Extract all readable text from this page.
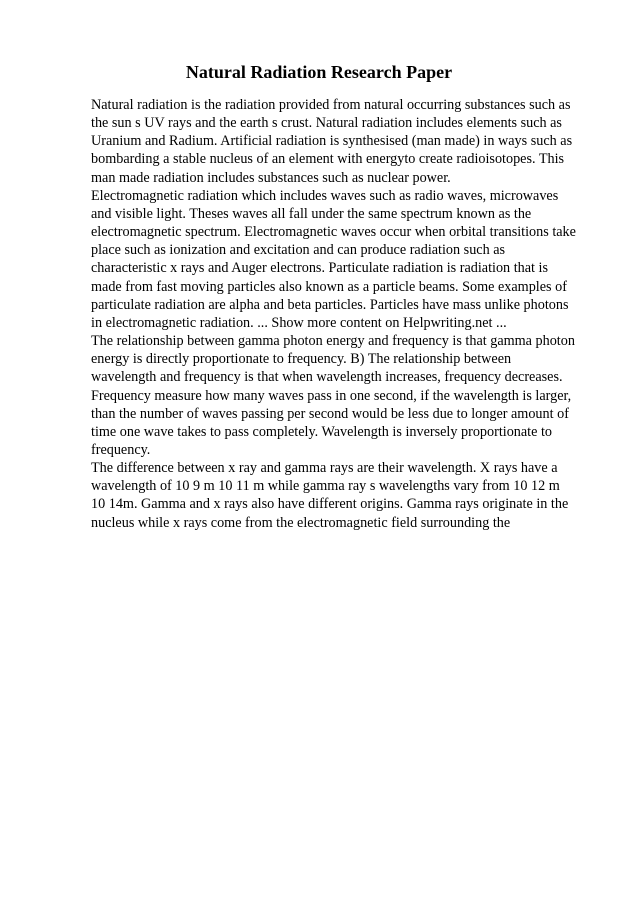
Natural Radiation Research Paper
Natural radiation is the radiation provided from natural occurring substances such as
the sun s UV rays and the earth s crust. Natural radiation includes elements such as
Uranium and Radium. Artificial radiation is synthesised (man made) in ways such as
bombarding a stable nucleus of an element with energyto create radioisotopes. This
man made radiation includes substances such as nuclear power.
Electromagnetic radiation which includes waves such as radio waves, microwaves
and visible light. Theses waves all fall under the same spectrum known as the
electromagnetic spectrum. Electromagnetic waves occur when orbital transitions take
place such as ionization and excitation and can produce radiation such as
characteristic x rays and Auger electrons. Particulate radiation is radiation that is
made from fast moving particles also known as a particle beams. Some examples of
particulate radiation are alpha and beta particles. Particles have mass unlike photons
in electromagnetic radiation. ... Show more content on Helpwriting.net ...
The relationship between gamma photon energy and frequency is that gamma photon
energy is directly proportionate to frequency. B) The relationship between
wavelength and frequency is that when wavelength increases, frequency decreases.
Frequency measure how many waves pass in one second, if the wavelength is larger,
than the number of waves passing per second would be less due to longer amount of
time one wave takes to pass completely. Wavelength is inversely proportionate to
frequency.
The difference between x ray and gamma rays are their wavelength. X rays have a
wavelength of 10 9 m 10 11 m while gamma ray s wavelengths vary from 10 12 m
10 14m. Gamma and x rays also have different origins. Gamma rays originate in the
nucleus while x rays come from the electromagnetic field surrounding the
